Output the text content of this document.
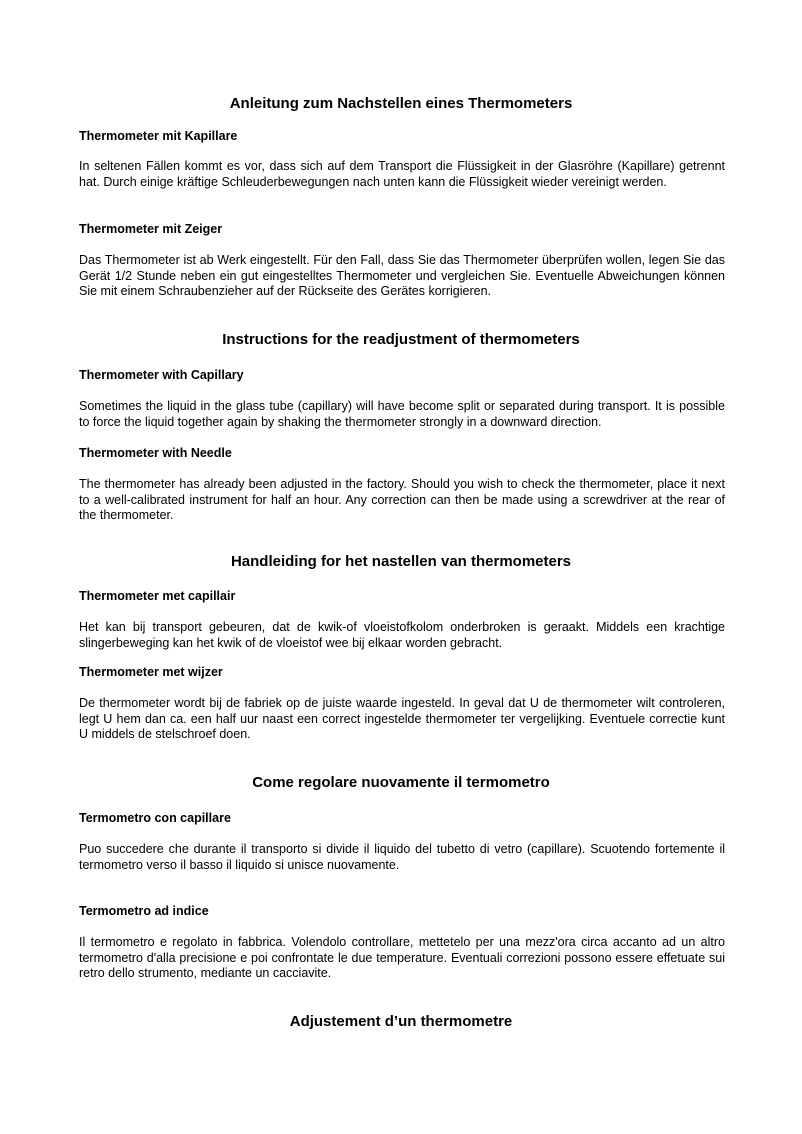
Anleitung zum Nachstellen eines Thermometers
Thermometer mit Kapillare

In seltenen Fällen kommt es vor, dass sich auf dem Transport die Flüssigkeit in der Glasröhre (Kapillare) getrennt hat. Durch einige kräftige Schleuderbewegungen nach unten kann die Flüssigkeit wieder vereinigt werden.

Thermometer mit Zeiger

Das Thermometer ist ab Werk eingestellt. Für den Fall, dass Sie das Thermometer überprüfen wollen, legen Sie das Gerät 1/2 Stunde neben ein gut eingestelltes Thermometer und vergleichen Sie. Eventuelle Abweichungen können Sie mit einem Schraubenzieher auf der Rückseite des Gerätes korrigieren.

Instructions for the readjustment of thermometers
Thermometer with Capillary

Sometimes the liquid in the glass tube (capillary) will have become split or separated during transport. It is possible to force the liquid together again by shaking the thermometer strongly in a downward direction.

Thermometer with Needle

The thermometer has already been adjusted in the factory. Should you wish to check the thermometer, place it next to a well-calibrated instrument for half an hour. Any correction can then be made using a screwdriver at the rear of the thermometer.

Handleiding for het nastellen van thermometers
Thermometer met capillair

Het kan bij transport gebeuren, dat de kwik-of vloeistofkolom onderbroken is geraakt. Middels een krachtige slingerbeweging kan het kwik of de vloeistof wee bij elkaar worden gebracht.

Thermometer met wijzer

De thermometer wordt bij de fabriek op de juiste waarde ingesteld. In geval dat U de thermometer wilt controleren, legt U hem dan ca. een half uur naast een correct ingestelde thermometer ter vergelijking. Eventuele correctie kunt U middels de stelschroef doen.

Come regolare nuovamente il termometro
Termometro con capillare

Puo succedere che durante il transporto si divide il liquido del tubetto di vetro (capillare). Scuotendo fortemente il termometro verso il basso il liquido si unisce nuovamente.

Termometro ad indice

Il termometro e regolato in fabbrica. Volendolo controllare, mettetelo per una mezz'ora circa accanto ad un altro termometro d'alla precisione e poi confrontate le due temperature. Eventuali correzioni possono essere effetuate sui retro dello strumento, mediante un cacciavite.

Adjustement d’un thermometre
